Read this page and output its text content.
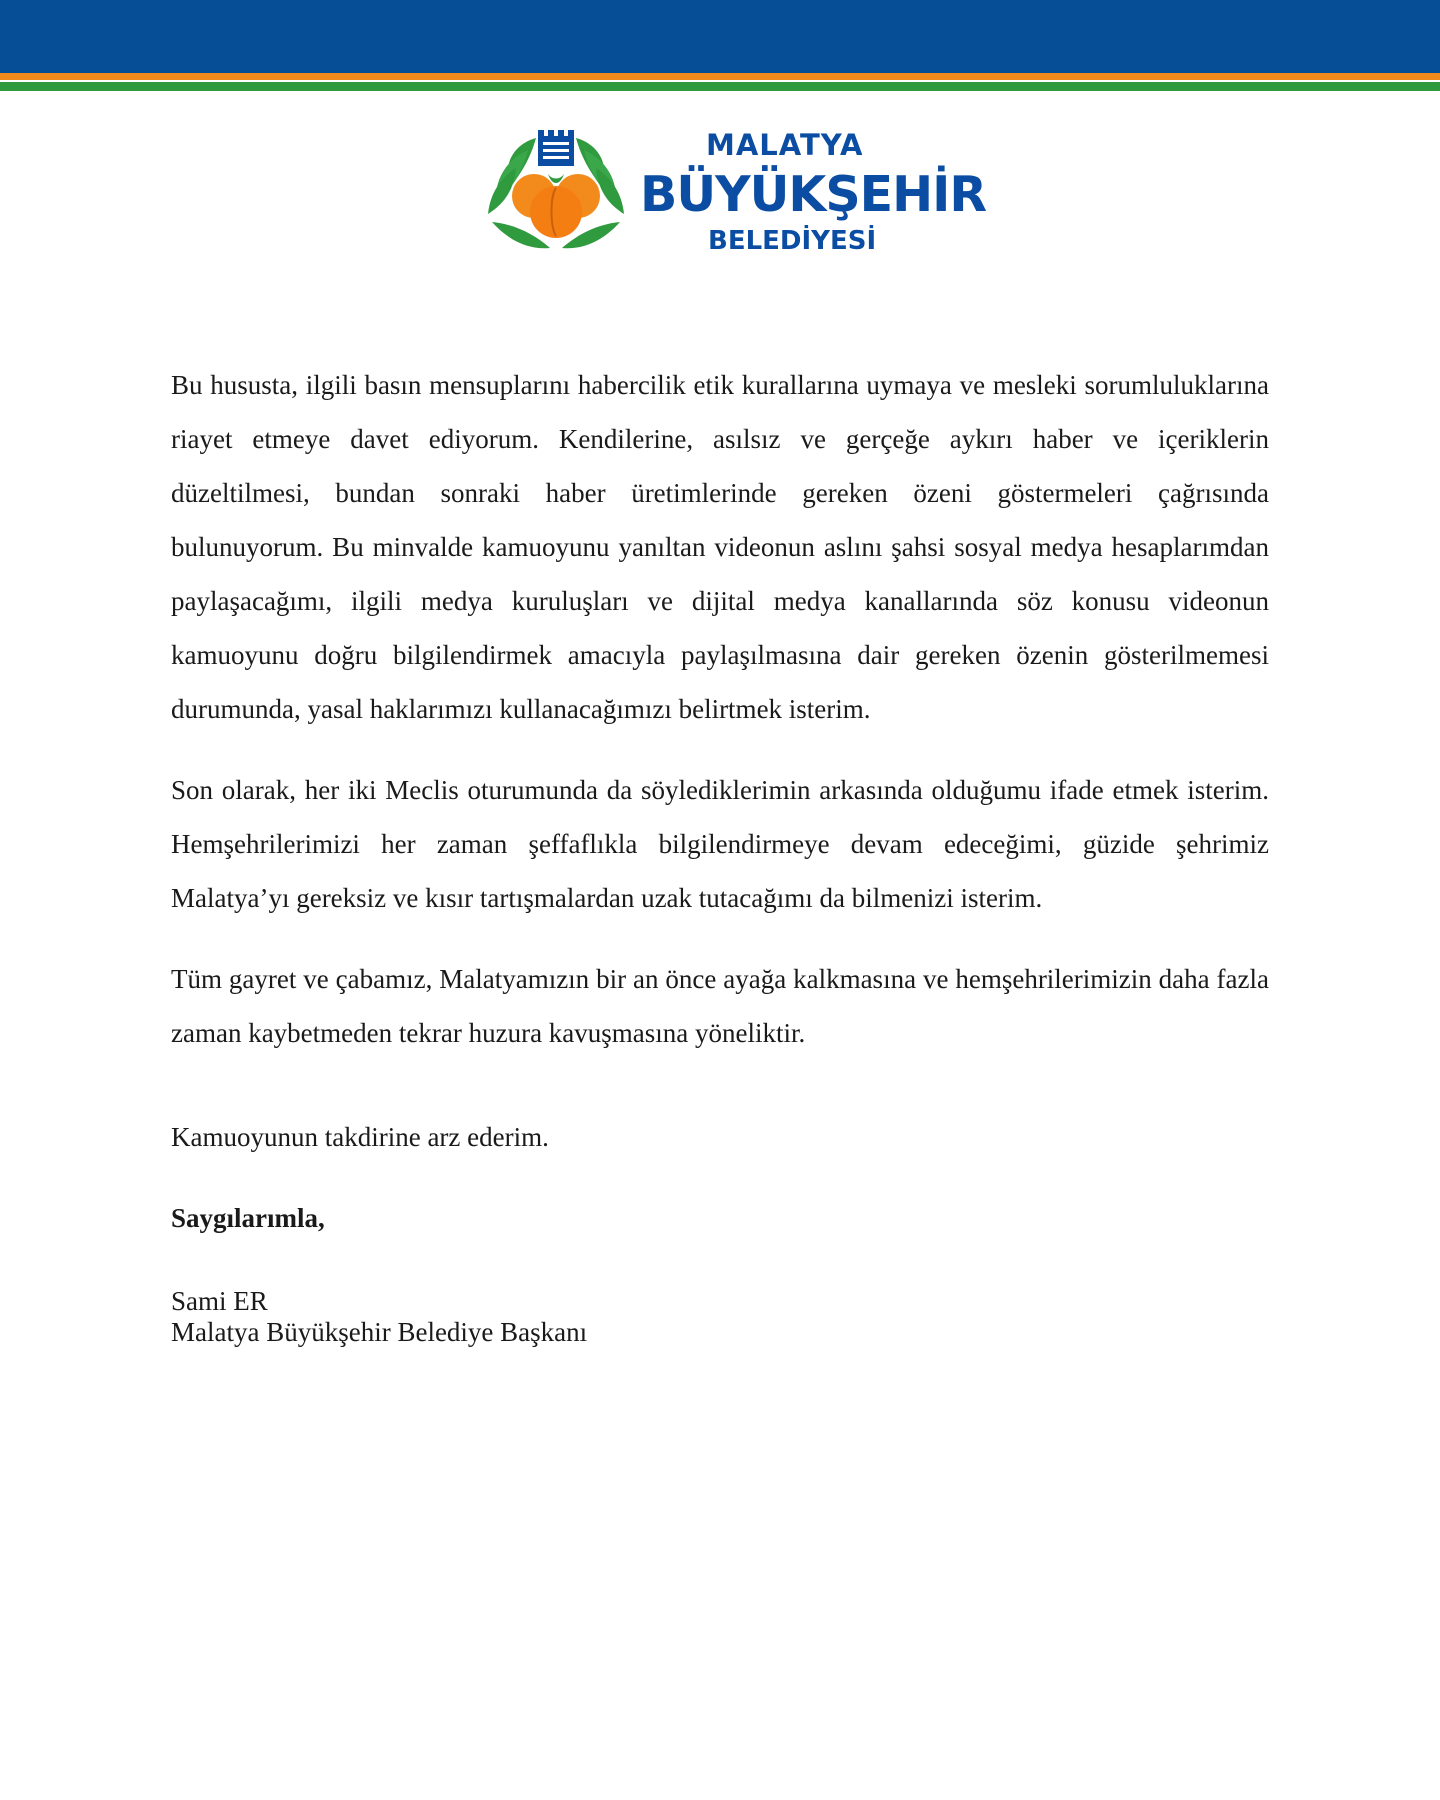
MALATYA
BÜYÜKŞEHİR
BELEDİYESİ

Bu hususta, ilgili basın mensuplarını habercilik etik kurallarına uymaya ve mesleki sorumluluklarına riayet etmeye davet ediyorum. Kendilerine, asılsız ve gerçeğe aykırı haber ve içeriklerin düzeltilmesi, bundan sonraki haber üretimlerinde gereken özeni göstermeleri çağrısında bulunuyorum. Bu minvalde kamuoyunu yanıltan videonun aslını şahsi sosyal medya hesaplarımdan paylaşacağımı, ilgili medya kuruluşları ve dijital medya kanallarında söz konusu videonun kamuoyunu doğru bilgilendirmek amacıyla paylaşılmasına dair gereken özenin gösterilmemesi durumunda, yasal haklarımızı kullanacağımızı belirtmek isterim.

Son olarak, her iki Meclis oturumunda da söylediklerimin arkasında olduğumu ifade etmek isterim. Hemşehrilerimizi her zaman şeffaflıkla bilgilendirmeye devam edeceğimi, güzide şehrimiz Malatya’yı gereksiz ve kısır tartışmalardan uzak tutacağımı da bilmenizi isterim.

Tüm gayret ve çabamız, Malatyamızın bir an önce ayağa kalkmasına ve hemşehrilerimizin daha fazla zaman kaybetmeden tekrar huzura kavuşmasına yöneliktir.

Kamuoyunun takdirine arz ederim.
Saygılarımla,
Sami ER
Malatya Büyükşehir Belediye Başkanı
